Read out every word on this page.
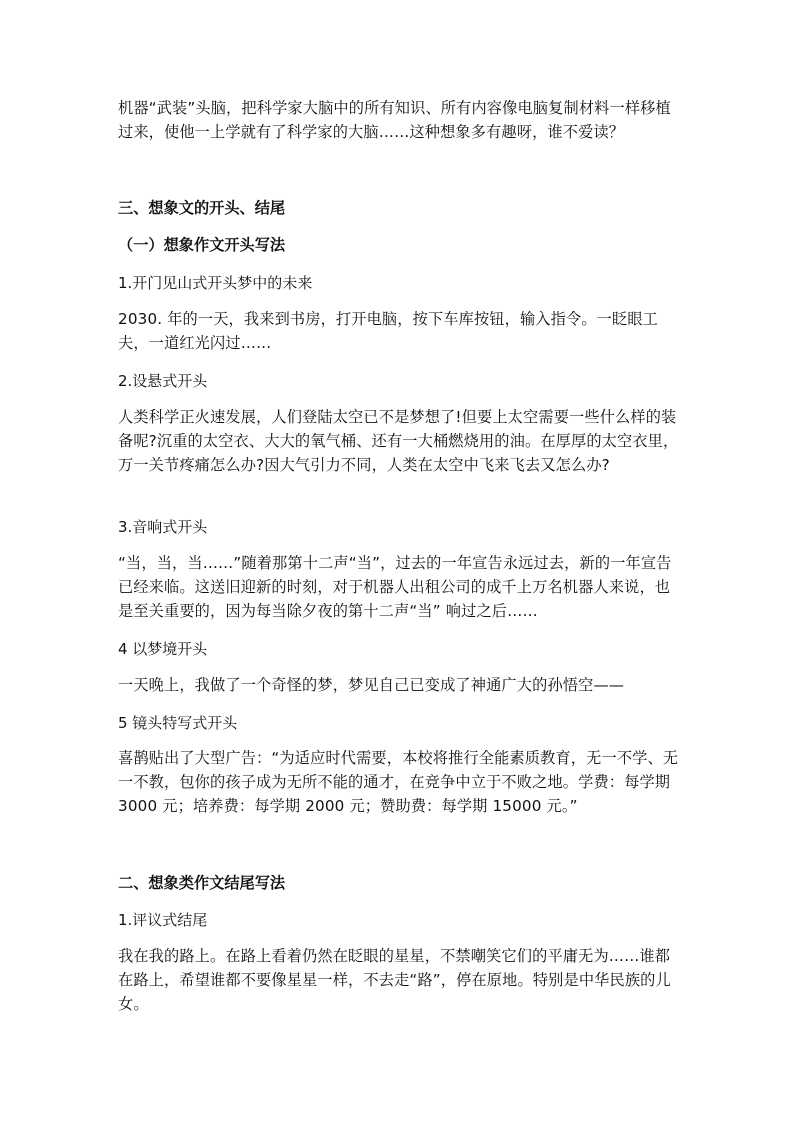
机器“武装”头脑，把科学家大脑中的所有知识、所有内容像电脑复制材料一样移植过来，使他一上学就有了科学家的大脑……这种想象多有趣呀，谁不爱读？

三、想象文的开头、结尾

（一）想象作文开头写法

1.开门见山式开头梦中的未来

2030. 年的一天，我来到书房，打开电脑，按下车库按钮，输入指令。一眨眼工夫，一道红光闪过……

2.设悬式开头

人类科学正火速发展，人们登陆太空已不是梦想了!但要上太空需要一些什么样的装备呢?沉重的太空衣、大大的氧气桶、还有一大桶燃烧用的油。在厚厚的太空衣里，万一关节疼痛怎么办?因大气引力不同，人类在太空中飞来飞去又怎么办?

3.音响式开头

“当，当，当……”随着那第十二声“当”，过去的一年宣告永远过去，新的一年宣告已经来临。这送旧迎新的时刻，对于机器人出租公司的成千上万名机器人来说，也是至关重要的，因为每当除夕夜的第十二声“当” 响过之后……

4 以梦境开头

一天晚上，我做了一个奇怪的梦，梦见自己已变成了神通广大的孙悟空——

5 镜头特写式开头

喜鹊贴出了大型广告：“为适应时代需要，本校将推行全能素质教育，无一不学、无一不教，包你的孩子成为无所不能的通才，在竞争中立于不败之地。学费：每学期 3000 元；培养费：每学期 2000 元；赞助费：每学期 15000 元。”

二、想象类作文结尾写法

1.评议式结尾

我在我的路上。在路上看着仍然在眨眼的星星，不禁嘲笑它们的平庸无为……谁都在路上，希望谁都不要像星星一样，不去走“路”，停在原地。特别是中华民族的儿女。
